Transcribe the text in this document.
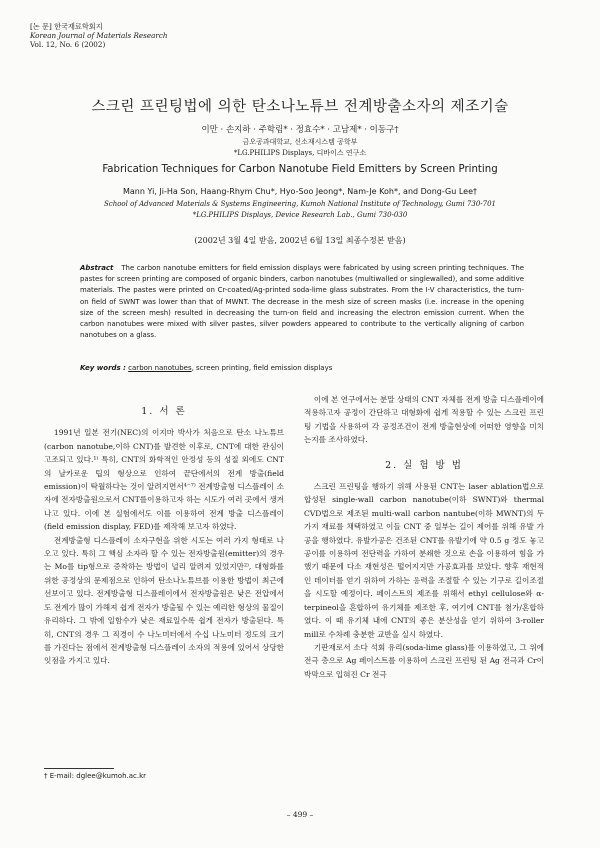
[논 문] 한국재료학회지
Korean Journal of Materials Research
Vol. 12, No. 6 (2002)
스크린 프린팅법에 의한 탄소나노튜브 전계방출소자의 제조기술
이만 · 손지하 · 주학림* · 정효수* · 고남제* · 이동구†
금오공과대학교, 신소재시스템 공학부
*LG.PHILIPS Displays, 디바이스 연구소
Fabrication Techniques for Carbon Nanotube Field Emitters by Screen Printing
Mann Yi, Ji-Ha Son, Haang-Rhym Chu*, Hyo-Soo Jeong*, Nam-Je Koh*, and Dong-Gu Lee†
School of Advanced Materials & Systems Engineering, Kumoh National Institute of Technology, Gumi 730-701
*LG.PHILIPS Displays, Device Research Lab., Gumi 730-030
(2002년 3월 4일 받음, 2002년 6월 13일 최종수정본 받음)
Abstract The carbon nanotube emitters for field emission displays were fabricated by using screen printing techniques. The pastes for screen printing are composed of organic binders, carbon nanotubes (multiwalled or singlewalled), and some additive materials. The pastes were printed on Cr-coated/Ag-printed soda-lime glass substrates. From the I-V characteristics, the turn-on field of SWNT was lower than that of MWNT. The decrease in the mesh size of screen masks (i.e. increase in the opening size of the screen mesh) resulted in decreasing the turn-on field and increasing the electron emission current. When the carbon nanotubes were mixed with silver pastes, silver powders appeared to contribute to the vertically aligning of carbon nanotubes on a glass.
Key words : carbon nanotubes, screen printing, field emission displays
1. 서 론

1991년 일본 전기(NEC)의 이지마 박사가 처음으로 탄소 나노튜브(carbon nanotube,이하 CNT)를 발견한 이후로, CNT에 대한 관심이 고조되고 있다.¹⁾ 특히, CNT의 화학적인 안정성 등의 성질 외에도 CNT의 날카로운 팁의 형상으로 인하여 끝단에서의 전계 방출(field emission)이 탁월하다는 것이 알려지면서⁴⁻⁷⁾ 전계방출형 디스플레이 소자에 전자방출원으로서 CNT를이용하고자 하는 시도가 여러 곳에서 생겨나고 있다. 이에 본 실험에서도 이를 이용하여 전계 방출 디스플레이(field emission display, FED)를 제작해 보고자 하였다.

전계방출형 디스플레이 소자구현을 위한 시도는 여러 가지 형태로 나오고 있다. 특히 그 핵심 소자라 할 수 있는 전자방출원(emitter)의 경우는 Mo를 tip형으로 증착하는 방법이 널리 알려져 있었지만²⁾, 대형화를 위한 공정상의 문제점으로 인하여 탄소나노튜브를 이용한 방법이 최근에 선보이고 있다. 전계방출형 디스플레이에서 전자방출원은 낮은 전압에서도 전계가 많이 가해져 쉽게 전자가 방출될 수 있는 예리한 형상의 물질이 유리하다. 그 밖에 일함수가 낮은 재료일수록 쉽게 전자가 방출된다. 특히, CNT의 경우 그 직경이 수 나노미터에서 수십 나노미터 정도의 크기를 가진다는 점에서 전계방출형 디스플레이 소자의 적용에 있어서 상당한 잇점을 가지고 있다.

이에 본 연구에서는 분말 상태의 CNT 자체를 전계 방출 디스플레이에 적용하고자 공정이 간단하고 대형화에 쉽게 적용할 수 있는 스크린 프린팅 기법을 사용하여 각 공정조건이 전계 방출현상에 어떠한 영향을 미치는지를 조사하였다.

2. 실 험 방 법

스크린 프린팅을 행하기 위해 사용된 CNT는 laser ablation법으로 합성된 single-wall carbon nanotube(이하 SWNT)와 thermal CVD법으로 제조된 multi-wall carbon nantube(이하 MWNT)의 두가지 재료를 채택하였고 이들 CNT 중 일부는 길이 제어를 위해 유발 가공을 행하였다. 유발가공은 건조된 CNT를 유발기에 약 0.5 g 정도 놓고 공이를 이용하여 전단력을 가하여 분쇄한 것으로 손을 이용하여 힘을 가했기 때문에 다소 재현성은 떨어지지만 가공효과를 보았다. 향후 재현적인 데이터를 얻기 위하여 가하는 응력을 조절할 수 있는 기구로 길이조절을 시도할 예정이다. 페이스트의 제조를 위해서 ethyl cellulose와 α-terpineol을 혼합하여 유기체를 제조한 후, 여기에 CNT를 첨가/혼합하였다. 이 때 유기체 내에 CNT의 좋은 분산성을 얻기 위하여 3-roller mill로 수차례 충분한 교반을 실시 하였다.

기판재로서 소다 석회 유리(soda-lime glass)를 이용하였고, 그 위에 전극 층으로 Ag 페이스트를 이용하여 스크린 프린팅 된 Ag 전극과 Cr이 박막으로 입혀진 Cr 전극

† E-mail: dglee@kumoh.ac.kr
– 499 –
